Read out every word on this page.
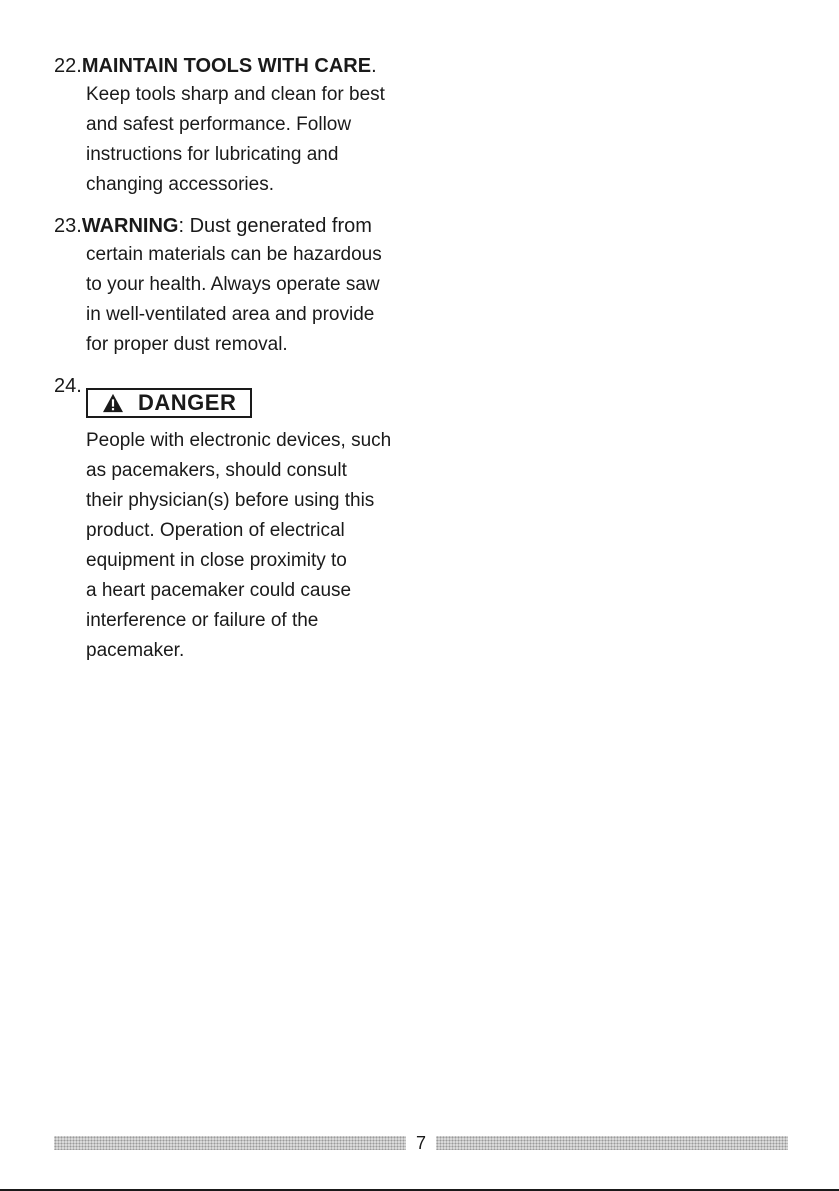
22.MAINTAIN TOOLS WITH CARE.
Keep tools sharp and clean for best
and safest performance. Follow
instructions for lubricating and
changing accessories.
23.WARNING: Dust generated from
certain materials can be hazardous
to your health. Always operate saw
in well-ventilated area and provide
for proper dust removal.
24.
DANGER
People with electronic devices, such
as pacemakers, should consult
their physician(s) before using this
product. Operation of electrical
equipment in close proximity to
a heart pacemaker could cause
interference or failure of the
pacemaker.
7
